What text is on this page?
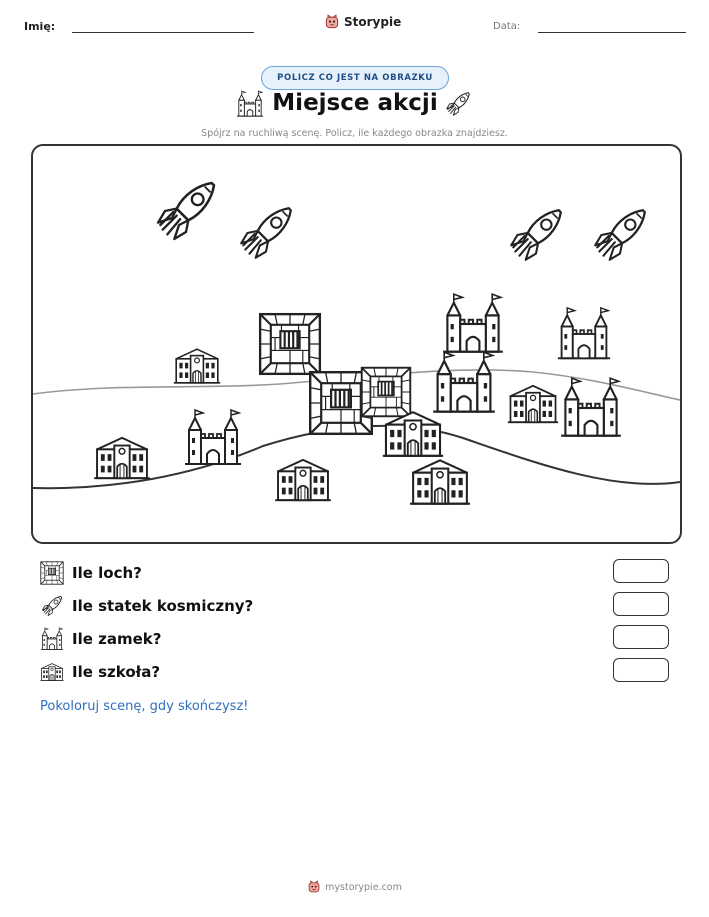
Imię:	Storypie	Data:
POLICZ CO JEST NA OBRAZKU
Miejsce akcji
Spójrz na ruchliwą scenę. Policz, ile każdego obrazka znajdziesz.
Ile loch?
Ile statek kosmiczny?
Ile zamek?
Ile szkoła?
Pokoloruj scenę, gdy skończysz!
mystorypie.com
